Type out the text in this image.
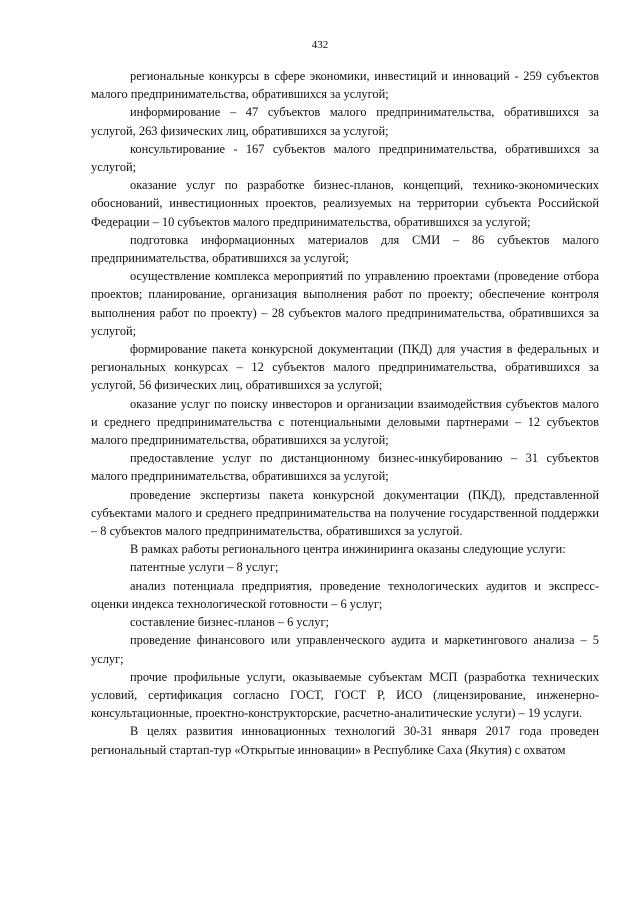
432

региональные конкурсы в сфере экономики, инвестиций и инноваций - 259 субъектов малого предпринимательства, обратившихся за услугой;

информирование – 47 субъектов малого предпринимательства, обратившихся за услугой, 263 физических лиц, обратившихся за услугой;

консультирование - 167 субъектов малого предпринимательства, обратившихся за услугой;

оказание услуг по разработке бизнес-планов, концепций, технико-экономических обоснований, инвестиционных проектов, реализуемых на территории субъекта Российской Федерации – 10 субъектов малого предпринимательства, обратившихся за услугой;

подготовка информационных материалов для СМИ – 86 субъектов малого предпринимательства, обратившихся за услугой;

осуществление комплекса мероприятий по управлению проектами (проведение отбора проектов; планирование, организация выполнения работ по проекту; обеспечение контроля выполнения работ по проекту) – 28 субъектов малого предпринимательства, обратившихся за услугой;

формирование пакета конкурсной документации (ПКД) для участия в федеральных и региональных конкурсах – 12 субъектов малого предпринимательства, обратившихся за услугой, 56 физических лиц, обратившихся за услугой;

оказание услуг по поиску инвесторов и организации взаимодействия субъектов малого и среднего предпринимательства с потенциальными деловыми партнерами – 12 субъектов малого предпринимательства, обратившихся за услугой;

предоставление услуг по дистанционному бизнес-инкубированию – 31 субъектов малого предпринимательства, обратившихся за услугой;

проведение экспертизы пакета конкурсной документации (ПКД), представленной субъектами малого и среднего предпринимательства на получение государственной поддержки – 8 субъектов малого предпринимательства, обратившихся за услугой.

В рамках работы регионального центра инжиниринга оказаны следующие услуги:

патентные услуги – 8 услуг;

анализ потенциала предприятия, проведение технологических аудитов и экспресс-оценки индекса технологической готовности – 6 услуг;

составление бизнес-планов – 6 услуг;

проведение финансового или управленческого аудита и маркетингового анализа – 5 услуг;

прочие профильные услуги, оказываемые субъектам МСП (разработка технических условий, сертификация согласно ГОСТ, ГОСТ Р, ИСО (лицензирование, инженерно-консультационные, проектно-конструкторские, расчетно-аналитические услуги) – 19 услуги.

В целях развития инновационных технологий 30-31 января 2017 года проведен региональный стартап-тур «Открытые инновации» в Республике Саха (Якутия) с охватом
